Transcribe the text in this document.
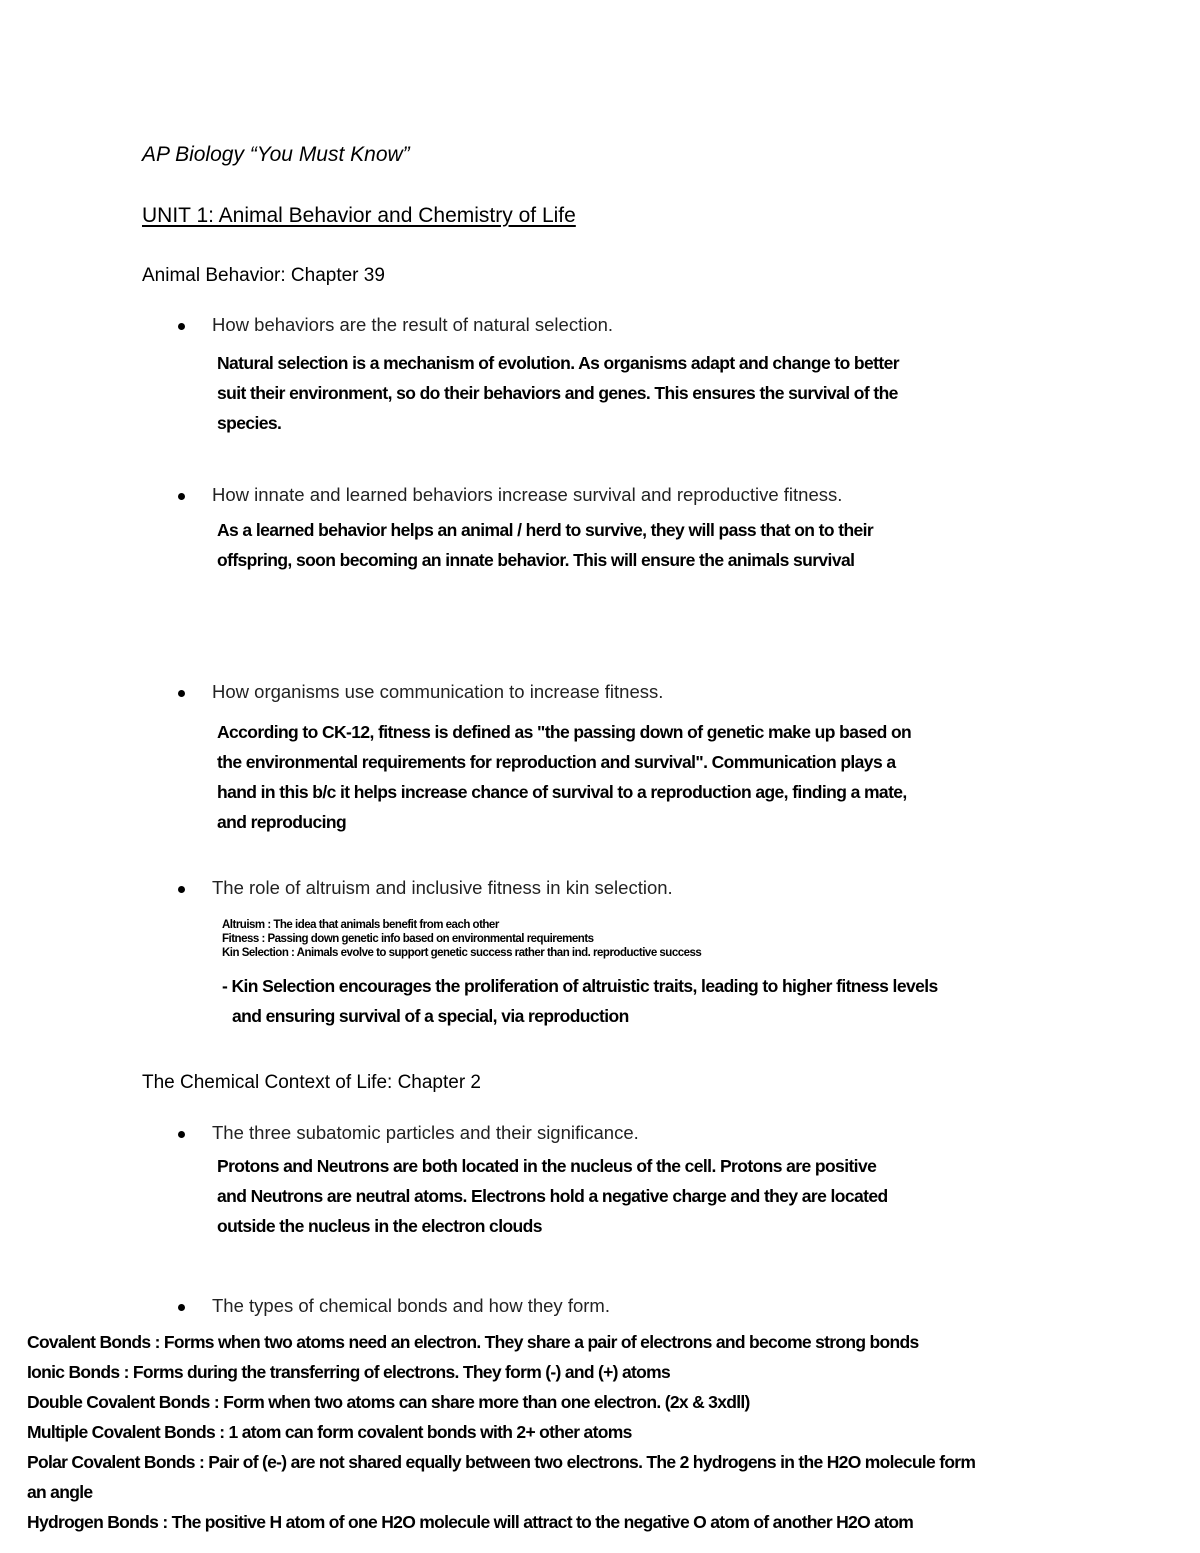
AP Biology “You Must Know”
UNIT 1: Animal Behavior and Chemistry of Life
Animal Behavior: Chapter 39
How behaviors are the result of natural selection.
Natural selection is a mechanism of evolution. As organisms adapt and change to better
suit their environment, so do their behaviors and genes. This ensures the survival of the
species.
How innate and learned behaviors increase survival and reproductive fitness.
As a learned behavior helps an animal / herd to survive, they will pass that on to their
offspring, soon becoming an innate behavior. This will ensure the animals survival
How organisms use communication to increase fitness.
According to CK-12, fitness is defined as "the passing down of genetic make up based on
the environmental requirements for reproduction and survival". Communication plays a
hand in this b/c it helps increase chance of survival to a reproduction age, finding a mate,
and reproducing
The role of altruism and inclusive fitness in kin selection.
Altruism : The idea that animals benefit from each other
Fitness : Passing down genetic info based on environmental requirements
Kin Selection : Animals evolve to support genetic success rather than ind. reproductive success
- Kin Selection encourages the proliferation of altruistic traits, leading to higher fitness levels
and ensuring survival of a special, via reproduction
The Chemical Context of Life: Chapter 2
The three subatomic particles and their significance.
Protons and Neutrons are both located in the nucleus of the cell. Protons are positive
and Neutrons are neutral atoms. Electrons hold a negative charge and they are located
outside the nucleus in the electron clouds
The types of chemical bonds and how they form.
Covalent Bonds : Forms when two atoms need an electron. They share a pair of electrons and become strong bonds
Ionic Bonds : Forms during the transferring of electrons. They form (-) and (+) atoms
Double Covalent Bonds : Form when two atoms can share more than one electron. (2x & 3xdll)
Multiple Covalent Bonds : 1 atom can form covalent bonds with 2+ other atoms
Polar Covalent Bonds : Pair of (e-) are not shared equally between two electrons. The 2 hydrogens in the H2O molecule form
an angle
Hydrogen Bonds : The positive H atom of one H2O molecule will attract to the negative O atom of another H2O atom
